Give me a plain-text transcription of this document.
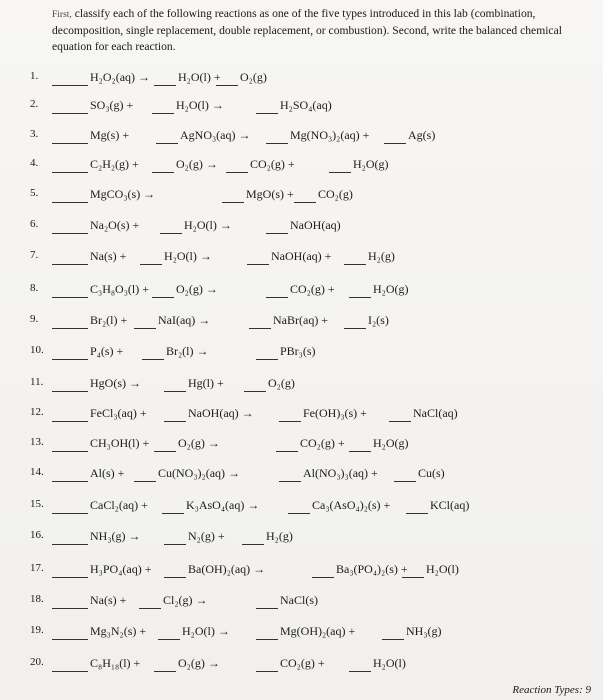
First, classify each of the following reactions as one of the five types introduced in this lab (combination, decomposition, single replacement, double replacement, or combustion). Second, write the balanced chemical equation for each reaction.
1.	H₂O₂(aq) → H₂O(l) + O₂(g)
2.	SO₃(g) +	H₂O(l) →	H₂SO₄(aq)
3.	Mg(s) +	AgNO₃(aq) →	Mg(NO₃)₂(aq) +	Ag(s)
4.	C₂H₂(g) +	O₂(g) →	CO₂(g) +	H₂O(g)
5.	MgCO₃(s) →	MgO(s) + CO₂(g)
6.	Na₂O(s) +	H₂O(l) →	NaOH(aq)
7.	Na(s) +	H₂O(l) →	NaOH(aq) +	H₂(g)
8.	C₃H₈O₃(l) + O₂(g) →	CO₂(g) +	H₂O(g)
9.	Br₂(l) +	NaI(aq) →	NaBr(aq) +	I₂(s)
10.	P₄(s) +	Br₂(l) →	PBr₃(s)
11.	HgO(s) →	Hg(l) +	O₂(g)
12.	FeCl₃(aq) +	NaOH(aq) →	Fe(OH)₃(s) +	NaCl(aq)
13.	CH₃OH(l) + O₂(g) →	CO₂(g) + H₂O(g)
14.	Al(s) +	Cu(NO₃)₂(aq) →	Al(NO₃)₃(aq) +	Cu(s)
15.	CaCl₂(aq) +	K₃AsO₄(aq) →	Ca₃(AsO₄)₂(s) +	KCl(aq)
16.	NH₃(g) →	N₂(g) +	H₂(g)
17.	H₃PO₄(aq) +	Ba(OH)₂(aq) →	Ba₃(PO₄)₂(s) + H₂O(l)
18.	Na(s) +	Cl₂(g) →	NaCl(s)
19.	Mg₃N₂(s) +	H₂O(l) →	Mg(OH)₂(aq) +	NH₃(g)
20.	C₈H₁₈(l) +	O₂(g) →	CO₂(g) +	H₂O(l)
Reaction Types: 9
